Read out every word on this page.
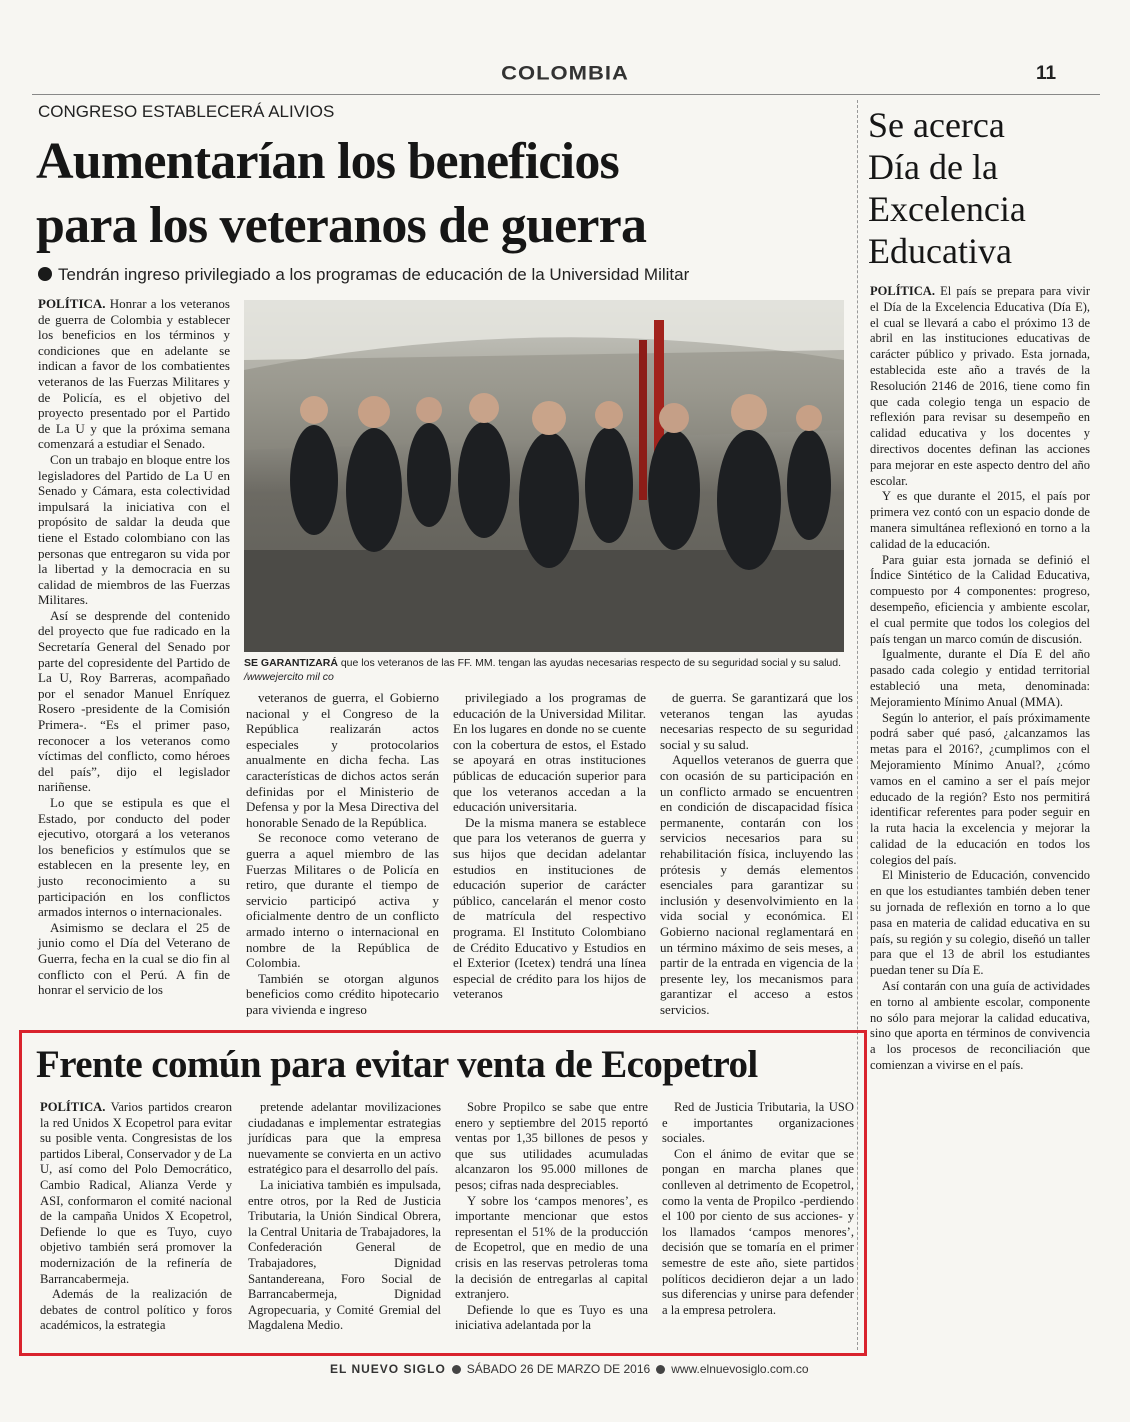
COLOMBIA	11
CONGRESO ESTABLECERÁ ALIVIOS
Aumentarían los beneficios
para los veteranos de guerra
Tendrán ingreso privilegiado a los programas de educación de la Universidad Militar

POLÍTICA. Honrar a los veteranos de guerra de Colombia y establecer los beneficios en los términos y condiciones que en adelante se indican a favor de los combatientes veteranos de las Fuerzas Militares y de Policía, es el objetivo del proyecto presentado por el Partido de La U y que la próxima semana comenzará a estudiar el Senado.

Con un trabajo en bloque entre los legisladores del Partido de La U en Senado y Cámara, esta colectividad impulsará la iniciativa con el propósito de saldar la deuda que tiene el Estado colombiano con las personas que entregaron su vida por la libertad y la democracia en su calidad de miembros de las Fuerzas Militares.

Así se desprende del contenido del proyecto que fue radicado en la Secretaría General del Senado por parte del copresidente del Partido de La U, Roy Barreras, acompañado por el senador Manuel Enríquez Rosero -presidente de la Comisión Primera-. “Es el primer paso, reconocer a los veteranos como víctimas del conflicto, como héroes del país”, dijo el legislador nariñense.

Lo que se estipula es que el Estado, por conducto del poder ejecutivo, otorgará a los veteranos los beneficios y estímulos que se establecen en la presente ley, en justo reconocimiento a su participación en los conflictos armados internos o internacionales.

Asimismo se declara el 25 de junio como el Día del Veterano de Guerra, fecha en la cual se dio fin al conflicto con el Perú. A fin de honrar el servicio de los

SE GARANTIZARÁ que los veteranos de las FF. MM. tengan las ayudas necesarias respecto de su seguridad social y su salud. /wwwejercito mil co

veteranos de guerra, el Gobierno nacional y el Congreso de la República realizarán actos especiales y protocolarios anualmente en dicha fecha. Las características de dichos actos serán definidas por el Ministerio de Defensa y por la Mesa Directiva del honorable Senado de la República.

Se reconoce como veterano de guerra a aquel miembro de las Fuerzas Militares o de Policía en retiro, que durante el tiempo de servicio participó activa y oficialmente dentro de un conflicto armado interno o internacional en nombre de la República de Colombia.

También se otorgan algunos beneficios como crédito hipotecario para vivienda e ingreso

privilegiado a los programas de educación de la Universidad Militar. En los lugares en donde no se cuente con la cobertura de estos, el Estado se apoyará en otras instituciones públicas de educación superior para que los veteranos accedan a la educación universitaria.

De la misma manera se establece que para los veteranos de guerra y sus hijos que decidan adelantar estudios en instituciones de educación superior de carácter público, cancelarán el menor costo de matrícula del respectivo programa. El Instituto Colombiano de Crédito Educativo y Estudios en el Exterior (Icetex) tendrá una línea especial de crédito para los hijos de veteranos

de guerra. Se garantizará que los veteranos tengan las ayudas necesarias respecto de su seguridad social y su salud.

Aquellos veteranos de guerra que con ocasión de su participación en un conflicto armado se encuentren en condición de discapacidad física permanente, contarán con los servicios necesarios para su rehabilitación física, incluyendo las prótesis y demás elementos esenciales para garantizar su inclusión y desenvolvimiento en la vida social y económica. El Gobierno nacional reglamentará en un término máximo de seis meses, a partir de la entrada en vigencia de la presente ley, los mecanismos para garantizar el acceso a estos servicios.

Se acerca
Día de la
Excelencia
Educativa

POLÍTICA. El país se prepara para vivir el Día de la Excelencia Educativa (Día E), el cual se llevará a cabo el próximo 13 de abril en las instituciones educativas de carácter público y privado. Esta jornada, establecida este año a través de la Resolución 2146 de 2016, tiene como fin que cada colegio tenga un espacio de reflexión para revisar su desempeño en calidad educativa y los docentes y directivos docentes definan las acciones para mejorar en este aspecto dentro del año escolar.

Y es que durante el 2015, el país por primera vez contó con un espacio donde de manera simultánea reflexionó en torno a la calidad de la educación.

Para guiar esta jornada se definió el Índice Sintético de la Calidad Educativa, compuesto por 4 componentes: progreso, desempeño, eficiencia y ambiente escolar, el cual permite que todos los colegios del país tengan un marco común de discusión.

Igualmente, durante el Día E del año pasado cada colegio y entidad territorial estableció una meta, denominada: Mejoramiento Mínimo Anual (MMA).

Según lo anterior, el país próximamente podrá saber qué pasó, ¿alcanzamos las metas para el 2016?, ¿cumplimos con el Mejoramiento Mínimo Anual?, ¿cómo vamos en el camino a ser el país mejor educado de la región? Esto nos permitirá identificar referentes para poder seguir en la ruta hacia la excelencia y mejorar la calidad de la educación en todos los colegios del país.

El Ministerio de Educación, convencido en que los estudiantes también deben tener su jornada de reflexión en torno a lo que pasa en materia de calidad educativa en su país, su región y su colegio, diseñó un taller para que el 13 de abril los estudiantes puedan tener su Día E.

Así contarán con una guía de actividades en torno al ambiente escolar, componente no sólo para mejorar la calidad educativa, sino que aporta en términos de convivencia a los procesos de reconciliación que comienzan a vivirse en el país.

Frente común para evitar venta de Ecopetrol

POLÍTICA. Varios partidos crearon la red Unidos X Ecopetrol para evitar su posible venta. Congresistas de los partidos Liberal, Conservador y de La U, así como del Polo Democrático, Cambio Radical, Alianza Verde y ASI, conformaron el comité nacional de la campaña Unidos X Ecopetrol, Defiende lo que es Tuyo, cuyo objetivo también será promover la modernización de la refinería de Barrancabermeja.

Además de la realización de debates de control político y foros académicos, la estrategia

pretende adelantar movilizaciones ciudadanas e implementar estrategias jurídicas para que la empresa nuevamente se convierta en un activo estratégico para el desarrollo del país.

La iniciativa también es impulsada, entre otros, por la Red de Justicia Tributaria, la Unión Sindical Obrera, la Central Unitaria de Trabajadores, la Confederación General de Trabajadores, Dignidad Santandereana, Foro Social de Barrancabermeja, Dignidad Agropecuaria, y Comité Gremial del Magdalena Medio.

Sobre Propilco se sabe que entre enero y septiembre del 2015 reportó ventas por 1,35 billones de pesos y que sus utilidades acumuladas alcanzaron los 95.000 millones de pesos; cifras nada despreciables.

Y sobre los ‘campos menores’, es importante mencionar que estos representan el 51% de la producción de Ecopetrol, que en medio de una crisis en las reservas petroleras toma la decisión de entregarlas al capital extranjero.

Defiende lo que es Tuyo es una iniciativa adelantada por la

Red de Justicia Tributaria, la USO e importantes organizaciones sociales.

Con el ánimo de evitar que se pongan en marcha planes que conlleven al detrimento de Ecopetrol, como la venta de Propilco -perdiendo el 100 por ciento de sus acciones- y los llamados ‘campos menores’, decisión que se tomaría en el primer semestre de este año, siete partidos políticos decidieron dejar a un lado sus diferencias y unirse para defender a la empresa petrolera.

EL NUEVO SIGLO SÁBADO 26 DE MARZO DE 2016 www.elnuevosiglo.com.co
